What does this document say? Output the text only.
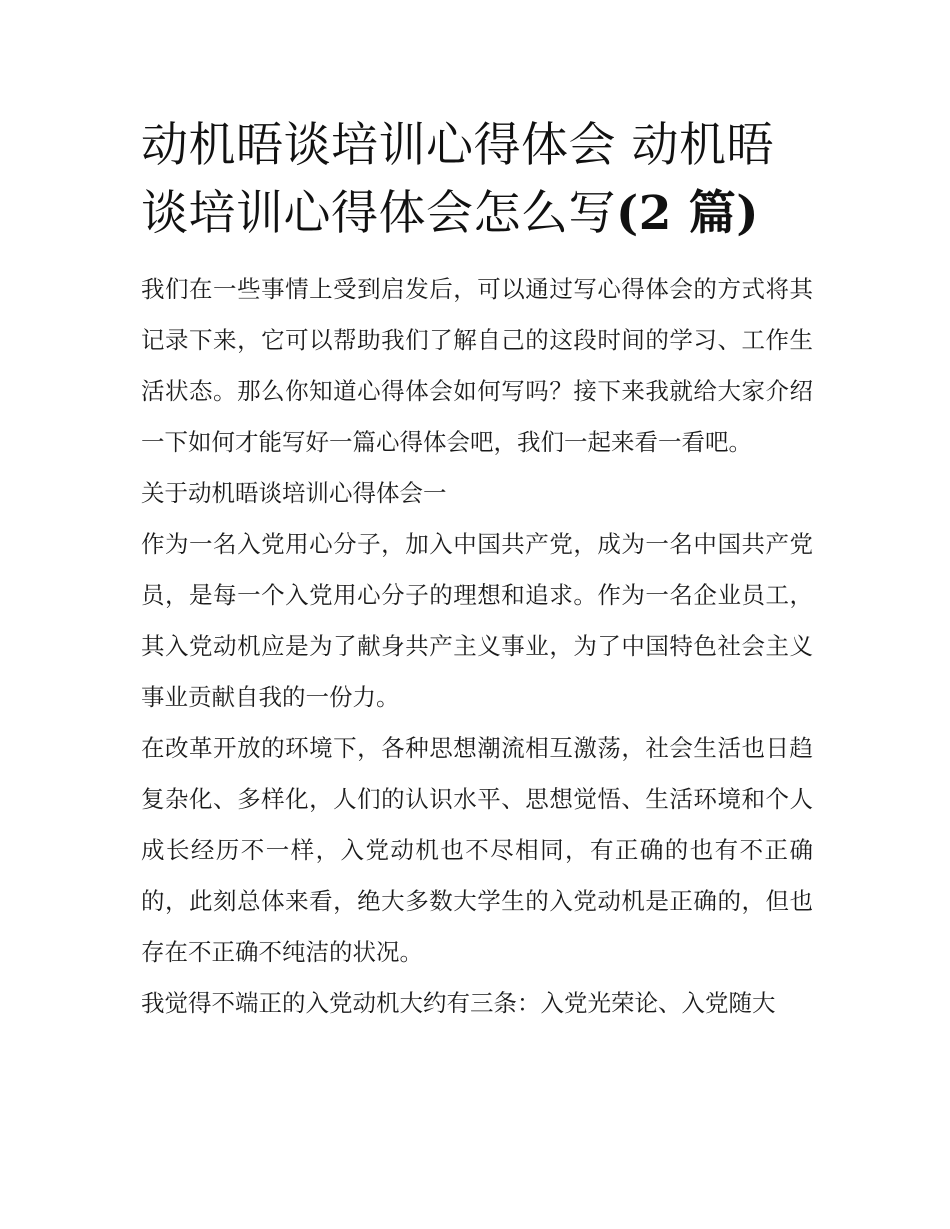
动机晤谈培训心得体会 动机晤谈培训心得体会怎么写(2 篇)

我们在一些事情上受到启发后，可以通过写心得体会的方式将其记录下来，它可以帮助我们了解自己的这段时间的学习、工作生活状态。那么你知道心得体会如何写吗？接下来我就给大家介绍一下如何才能写好一篇心得体会吧，我们一起来看一看吧。

关于动机晤谈培训心得体会一

作为一名入党用心分子，加入中国共产党，成为一名中国共产党员，是每一个入党用心分子的理想和追求。作为一名企业员工，其入党动机应是为了献身共产主义事业，为了中国特色社会主义事业贡献自我的一份力。

在改革开放的环境下，各种思想潮流相互激荡，社会生活也日趋复杂化、多样化，人们的认识水平、思想觉悟、生活环境和个人成长经历不一样，入党动机也不尽相同，有正确的也有不正确的，此刻总体来看，绝大多数大学生的入党动机是正确的，但也存在不正确不纯洁的状况。

我觉得不端正的入党动机大约有三条：入党光荣论、入党随大
